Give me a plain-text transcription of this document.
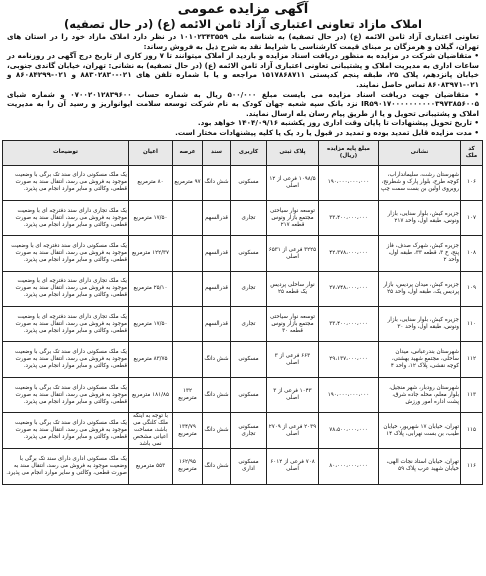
آگهی مزایده عمومی
املاک مازاد تعاونی اعتباری آزاد ثامن الائمه (ع) (در حال تصفیه)

تعاونی اعتباری آزاد ثامن الائمه (ع) (در حال تصفیه) به شناسه ملی ۱۰۱۰۲۳۴۳۵۵۹ در نظر دارد املاک مازاد خود را در استان های تهران، گیلان و هرمزگان بر مبنای قیمت کارشناسی با شرایط نقد به شرح ذیل به فروش رساند:

• متقاضیان شرکت در مزایده به منظور دریافت اسناد مزایده و بازدید از املاک میتوانند تا ۷ روز کاری از تاریخ درج آگهی در روزنامه در ساعات اداری به مدیریت املاک و پشتیبانی تعاونی اعتباری آزاد ثامن الائمه (ع) (در حال تصفیه) به نشانی: تهران، خیابان گاندی جنوبی، خیابان پانزدهم، پلاک ۲۵، طبقه پنجم کدپستی ۱۵۱۷۸۶۸۷۱۱ مراجعه و یا با شماره تلفن های ۰۲۱-۸۸۳۰۲۸۳۰ و ۰۲۱-۸۶۰۸۴۲۹۹ و ۰۲۱-۸۶۰۸۳۹۷۱ تماس حاصل نمایند.

• متقاضیان جهت دریافت اسناد مزایده می بایست مبلغ ۵۰۰/۰۰۰ ریال به شماره حساب ۰۷۰۰۲۰۱۲۸۳۹۶۰۰ و شماره شبای IR۵۹۰۱۷۰۰۰۰۰۰۰۰۰۰۳۹۷۳۸۵۶۰۰۵ نزد بانک سپه شعبه جهان کودک به نام شرکت توسعه سلامت ایوانواریز و رسید آن را به مدیریت املاک و پشتیبانی تحویل و یا از طریق پیام رسان بله ارسال نمایند.

• تاریخ تحویل پیشنهادات تا پایان وقت اداری روز یکشنبه ۱۴۰۴/۰۹/۱۶ خواهد بود.

• مدت مزایده قابل تمدید بوده و تمدید در قبول یا رد یک یا کلیه پیشنهادات مختار است.

کد ملک	نشانی	مبلغ پایه مزایده (ریال)	پلاک ثبتی	کاربری	سند	عرصه	اعیان	توضیحات
۱۰۶	شهرستان رشت، سلیمانداراب، کوچه طرح، بلوار پارک و شطرنج، روبروی اولین بن بست سمت چپ	۱۹۰،۰۰۰،۰۰۰،۰۰۰	۱۰۹۸/۵ فرعی از ۱۲ اصلی	مسکونی	شش دانگ	۹۷ مترمربع	۸۰ مترمربع	یک ملک مسکونی دارای سند تک برگی با وضعیت موجود به فروش می رسد، انتقال سند به صورت قطعی، وکالتی و سایر موارد انجام می پذیرد.
۱۰۷	جزیره کیش، بلوار سنایی، بازار ونوس، طبقه اول، واحد ۲۱۷	۳۳،۴۰۰،۰۰۰،۰۰۰	توسعه نوار سیاحتی مجتمع بازار ونوس قطعه ۲۱۷	تجاری	قدرالسهم		۱۷/۵۰ مترمربع	یک ملک تجاری دارای سند دفترچه ای با وضعیت موجود به فروش می رسد، انتقال سند به صورت قطعی، وکالتی و سایر موارد انجام می پذیرد.
۱۰۸	جزیره کیش، شهرک صدف، فاز پنج، خ ۳، قطعه ۳۳، طبقه اول، واحد ۲	۴۲،۳۷۸،۰۰۰،۰۰۰	۳۲۲۵ فرعی از ۶۵۳۱ اصلی	مسکونی	قدرالسهم		۱۲۲/۳۷ مترمربع	یک ملک مسکونی دارای سند دفترچه ای با وضعیت موجود به فروش می رسد، انتقال سند به صورت قطعی، وکالتی و سایر موارد انجام می پذیرد.
۱۰۹	جزیره کیش، میدان پردیس، بازار پردیس یک، طبقه اول، واحد ۲۵	۲۷،۷۴۸،۰۰۰،۰۰۰	نوار ساحلی پردیس یک قطعه ۲۵	تجاری	قدرالسهم		۲۵/۱۰ مترمربع	یک ملک تجاری دارای سند دفترچه ای با وضعیت موجود به فروش می رسد، انتقال سند به صورت قطعی، وکالتی و سایر موارد انجام می پذیرد.
۱۱۰	جزیره کیش، بلوار سنایی، بازار ونوس، طبقه اول، واحد ۳۰	۳۳،۴۰۰،۰۰۰،۰۰۰	توسعه نوار سیاحتی مجتمع بازار ونوس قطعه ۳۰	تجاری	قدرالسهم		۱۷/۵۰ مترمربع	یک ملک تجاری دارای سند دفترچه ای با وضعیت موجود به فروش می رسد، انتقال سند به صورت قطعی، وکالتی و سایر موارد انجام می پذیرد.
۱۱۲	شهرستان بندرعباس، میدان ساحلی، مجتمع شهید بهشتی، کوچه نقشی، پلاک ۱۲، واحد ۴	۲۹،۱۳۷،۰۰۰،۰۰۰	۶۶۳ فرعی از ۳ اصلی	مسکونی	شش دانگ		۸۳/۷۵ مترمربع	یک ملک مسکونی دارای سند تک برگی با وضعیت موجود به فروش می رسد، انتقال سند به صورت قطعی، وکالتی و سایر موارد انجام می پذیرد.
۱۱۳	شهرستان رودبار، شهر منجیل، بلوار معلم، محله جاده شرق، پشت اداره امور ورزش	۱۹۰،۰۰۰،۰۰۰،۰۰۰	۱۰۴۳ فرعی از ۳ اصلی	مسکونی	شش دانگ	۱۳۲ مترمربع	۱۸۱/۸۵ مترمربع	یک ملک مسکونی دارای سند تک برگی با وضعیت موجود به فروش می رسد، انتقال سند به صورت قطعی، وکالتی و سایر موارد انجام می پذیرد.
۱۱۵	تهران، خیابان ۱۷ شهریور، خیابان طیب، بن بست نهرابی، پلاک ۱۴	۷۸،۵۰۰،۰۰۰،۰۰۰	۲۰۳۹ فرعی از ۲۷۰۹ اصلی	مسکونی تجاری	شش دانگ	۱۳۴/۷۹ مترمربع	با توجه به اینکه ملک کلنگی می باشد، مساحت اعیانی مشخص نمی باشد	یک ملک مسکونی دارای سند تک برگی با وضعیت موجود به فروش می رسد، انتقال سند به صورت قطعی، وکالتی و سایر موارد انجام می پذیرد.
۱۱۶	تهران، خیابان استاد نجات الهی، خیابان شهید عرب پلاک ۵۹	۸۰،۰۰۰،۰۰۰،۰۰۰	۷۰۸ فرعی از ۶۰۱۲ اصلی	مسکونی اداری	شش دانگ	۱۶۲/۹۵ مترمربع	۵۵۳ مترمربع	یک ملک مسکونی اداری دارای سند تک برگی با وضعیت موجود به فروش می رسد، انتقال سند به صورت قطعی، وکالتی و سایر موارد انجام می پذیرد.
